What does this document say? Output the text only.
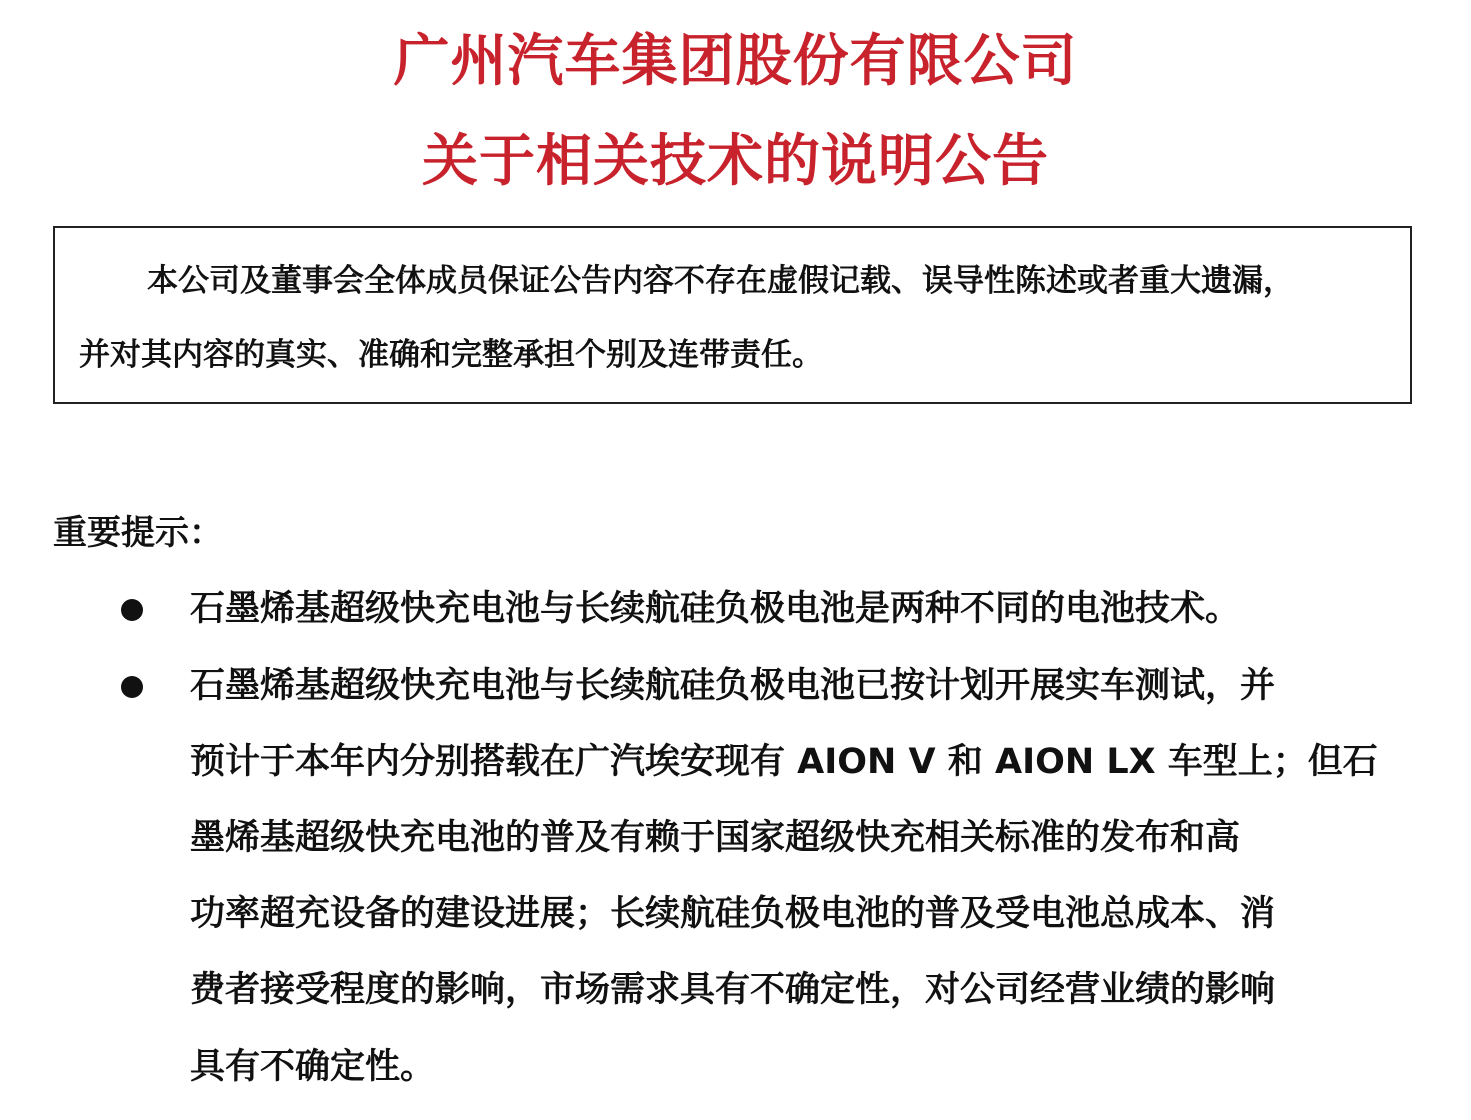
广州汽车集团股份有限公司
关于相关技术的说明公告
本公司及董事会全体成员保证公告内容不存在虚假记载、误导性陈述或者重大遗漏，
并对其内容的真实、准确和完整承担个别及连带责任。
重要提示：
石墨烯基超级快充电池与长续航硅负极电池是两种不同的电池技术。
石墨烯基超级快充电池与长续航硅负极电池已按计划开展实车测试，并
预计于本年内分别搭载在广汽埃安现有 AION V 和 AION LX 车型上；但石
墨烯基超级快充电池的普及有赖于国家超级快充相关标准的发布和高
功率超充设备的建设进展；长续航硅负极电池的普及受电池总成本、消
费者接受程度的影响，市场需求具有不确定性，对公司经营业绩的影响
具有不确定性。
